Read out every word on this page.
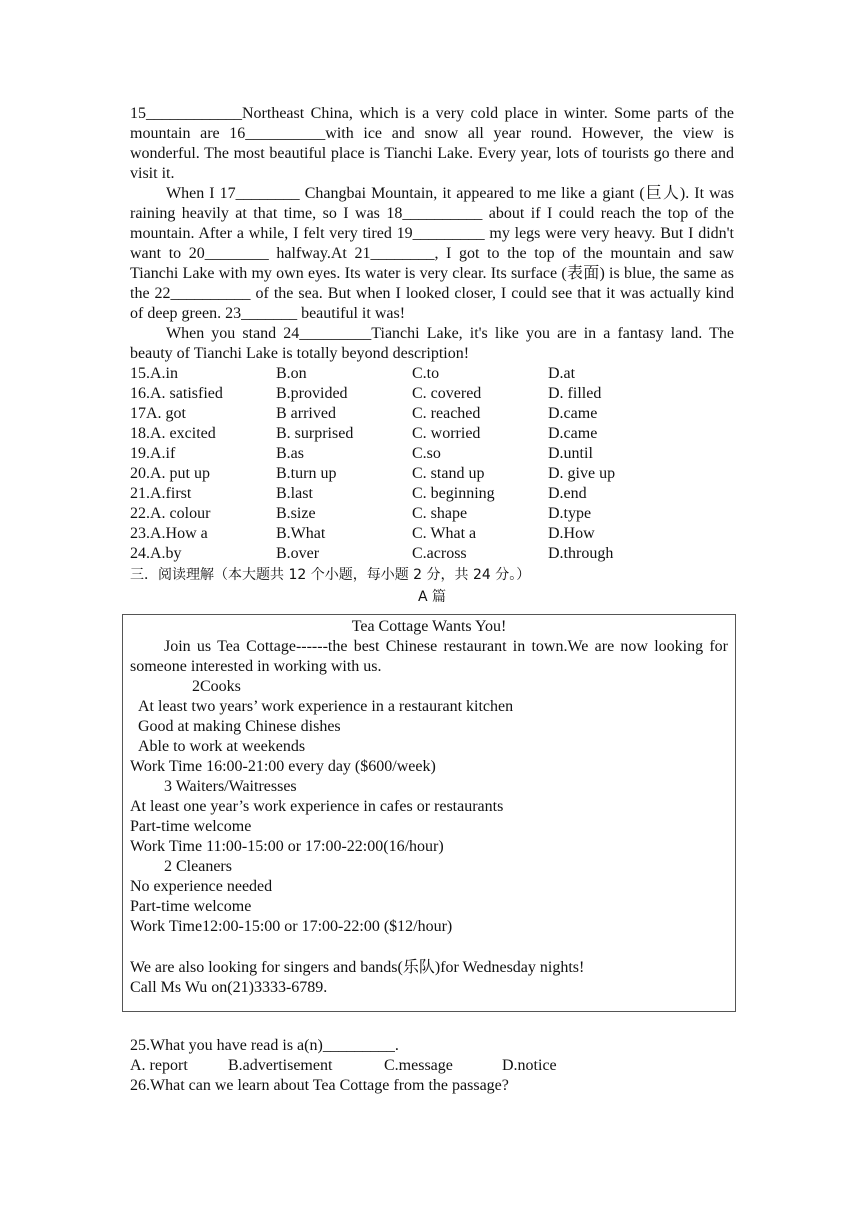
15____________Northeast China, which is a very cold place in winter. Some parts of the mountain are 16__________with ice and snow all year round. However, the view is wonderful. The most beautiful place is Tianchi Lake. Every year, lots of tourists go there and visit it.

When I 17________ Changbai Mountain, it appeared to me like a giant (巨人). It was raining heavily at that time, so I was 18__________ about if I could reach the top of the mountain. After a while, I felt very tired 19_________ my legs were very heavy. But I didn't want to 20________ halfway.At 21________, I got to the top of the mountain and saw Tianchi Lake with my own eyes. Its water is very clear. Its surface (表面) is blue, the same as the 22__________ of the sea. But when I looked closer, I could see that it was actually kind of deep green. 23_______ beautiful it was!

When you stand 24_________Tianchi Lake, it's like you are in a fantasy land. The beauty of Tianchi Lake is totally beyond description!

15.A.in	B.on	C.to	D.at
16.A. satisfied	B.provided	C. covered	D. filled
17A. got	B arrived	C. reached	D.came
18.A. excited	B. surprised	C. worried	D.came
19.A.if	B.as	C.so	D.until
20.A. put up	B.turn up	C. stand up	D. give up
21.A.first	B.last	C. beginning	D.end
22.A. colour	B.size	C. shape	D.type
23.A.How a	B.What	C. What a	D.How
24.A.by	B.over	C.across	D.through
三．阅读理解（本大题共 12 个小题，每小题 2 分，共 24 分。）
A 篇
Tea Cottage Wants You!

Join us Tea Cottage------the best Chinese restaurant in town.We are now looking for someone interested in working with us.

2Cooks
At least two years’ work experience in a restaurant kitchen
Good at making Chinese dishes
Able to work at weekends
Work Time 16:00-21:00 every day ($600/week)
3 Waiters/Waitresses
At least one year’s work experience in cafes or restaurants
Part-time welcome
Work Time 11:00-15:00 or 17:00-22:00(16/hour)
2 Cleaners
No experience needed
Part-time welcome
Work Time12:00-15:00 or 17:00-22:00 ($12/hour)
We are also looking for singers and bands(乐队)for Wednesday nights!
Call Ms Wu on(21)3333-6789.
25.What you have read is a(n)_________.
A. report	B.advertisement	C.message	D.notice
26.What can we learn about Tea Cottage from the passage?
